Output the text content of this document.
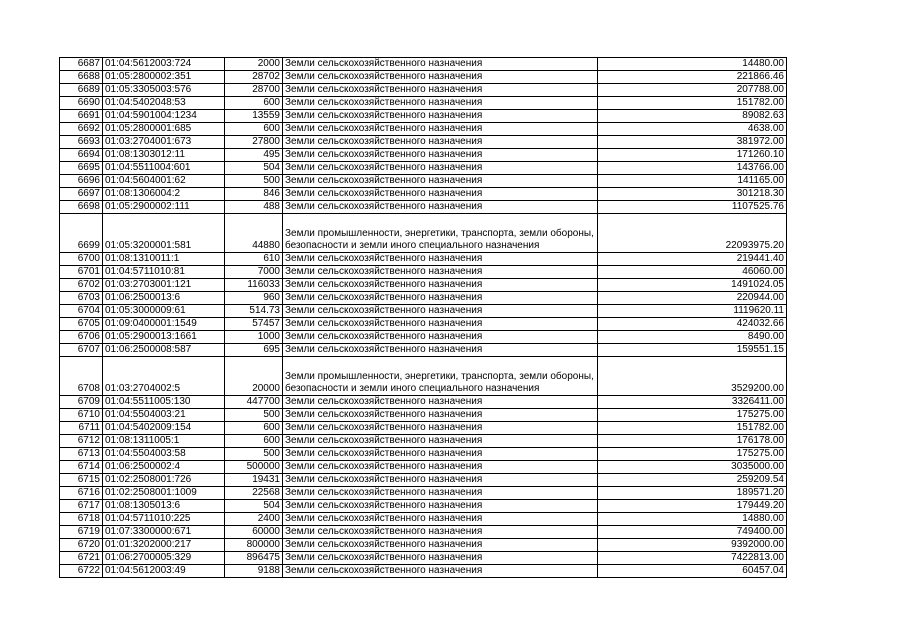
6687	01:04:5612003:724	2000	Земли сельскохозяйственного назначения	14480.00
6688	01:05:2800002:351	28702	Земли сельскохозяйственного назначения	221866.46
6689	01:05:3305003:576	28700	Земли сельскохозяйственного назначения	207788.00
6690	01:04:5402048:53	600	Земли сельскохозяйственного назначения	151782.00
6691	01:04:5901004:1234	13559	Земли сельскохозяйственного назначения	89082.63
6692	01:05:2800001:685	600	Земли сельскохозяйственного назначения	4638.00
6693	01:03:2704001:673	27800	Земли сельскохозяйственного назначения	381972.00
6694	01:08:1303012:11	495	Земли сельскохозяйственного назначения	171260.10
6695	01:04:5511004:601	504	Земли сельскохозяйственного назначения	143766.00
6696	01:04:5604001:62	500	Земли сельскохозяйственного назначения	141165.00
6697	01:08:1306004:2	846	Земли сельскохозяйственного назначения	301218.30
6698	01:05:2900002:111	488	Земли сельскохозяйственного назначения	1107525.76
6699	01:05:3200001:581	44880	Земли промышленности, энергетики, транспорта, земли обороны, безопасности и земли иного специального назначения	22093975.20
6700	01:08:1310011:1	610	Земли сельскохозяйственного назначения	219441.40
6701	01:04:5711010:81	7000	Земли сельскохозяйственного назначения	46060.00
6702	01:03:2703001:121	116033	Земли сельскохозяйственного назначения	1491024.05
6703	01:06:2500013:6	960	Земли сельскохозяйственного назначения	220944.00
6704	01:05:3000009:61	514.73	Земли сельскохозяйственного назначения	1119620.11
6705	01:09:0400001:1549	57457	Земли сельскохозяйственного назначения	424032.66
6706	01:05:2900013:1661	1000	Земли сельскохозяйственного назначения	8490.00
6707	01:06:2500008:587	695	Земли сельскохозяйственного назначения	159551.15
6708	01:03:2704002:5	20000	Земли промышленности, энергетики, транспорта, земли обороны, безопасности и земли иного специального назначения	3529200.00
6709	01:04:5511005:130	447700	Земли сельскохозяйственного назначения	3326411.00
6710	01:04:5504003:21	500	Земли сельскохозяйственного назначения	175275.00
6711	01:04:5402009:154	600	Земли сельскохозяйственного назначения	151782.00
6712	01:08:1311005:1	600	Земли сельскохозяйственного назначения	176178.00
6713	01:04:5504003:58	500	Земли сельскохозяйственного назначения	175275.00
6714	01:06:2500002:4	500000	Земли сельскохозяйственного назначения	3035000.00
6715	01:02:2508001:726	19431	Земли сельскохозяйственного назначения	259209.54
6716	01:02:2508001:1009	22568	Земли сельскохозяйственного назначения	189571.20
6717	01:08:1305013:6	504	Земли сельскохозяйственного назначения	179449.20
6718	01:04:5711010:225	2400	Земли сельскохозяйственного назначения	14880.00
6719	01:07:3300000:671	60000	Земли сельскохозяйственного назначения	749400.00
6720	01:01:3202000:217	800000	Земли сельскохозяйственного назначения	9392000.00
6721	01:06:2700005:329	896475	Земли сельскохозяйственного назначения	7422813.00
6722	01:04:5612003:49	9188	Земли сельскохозяйственного назначения	60457.04
